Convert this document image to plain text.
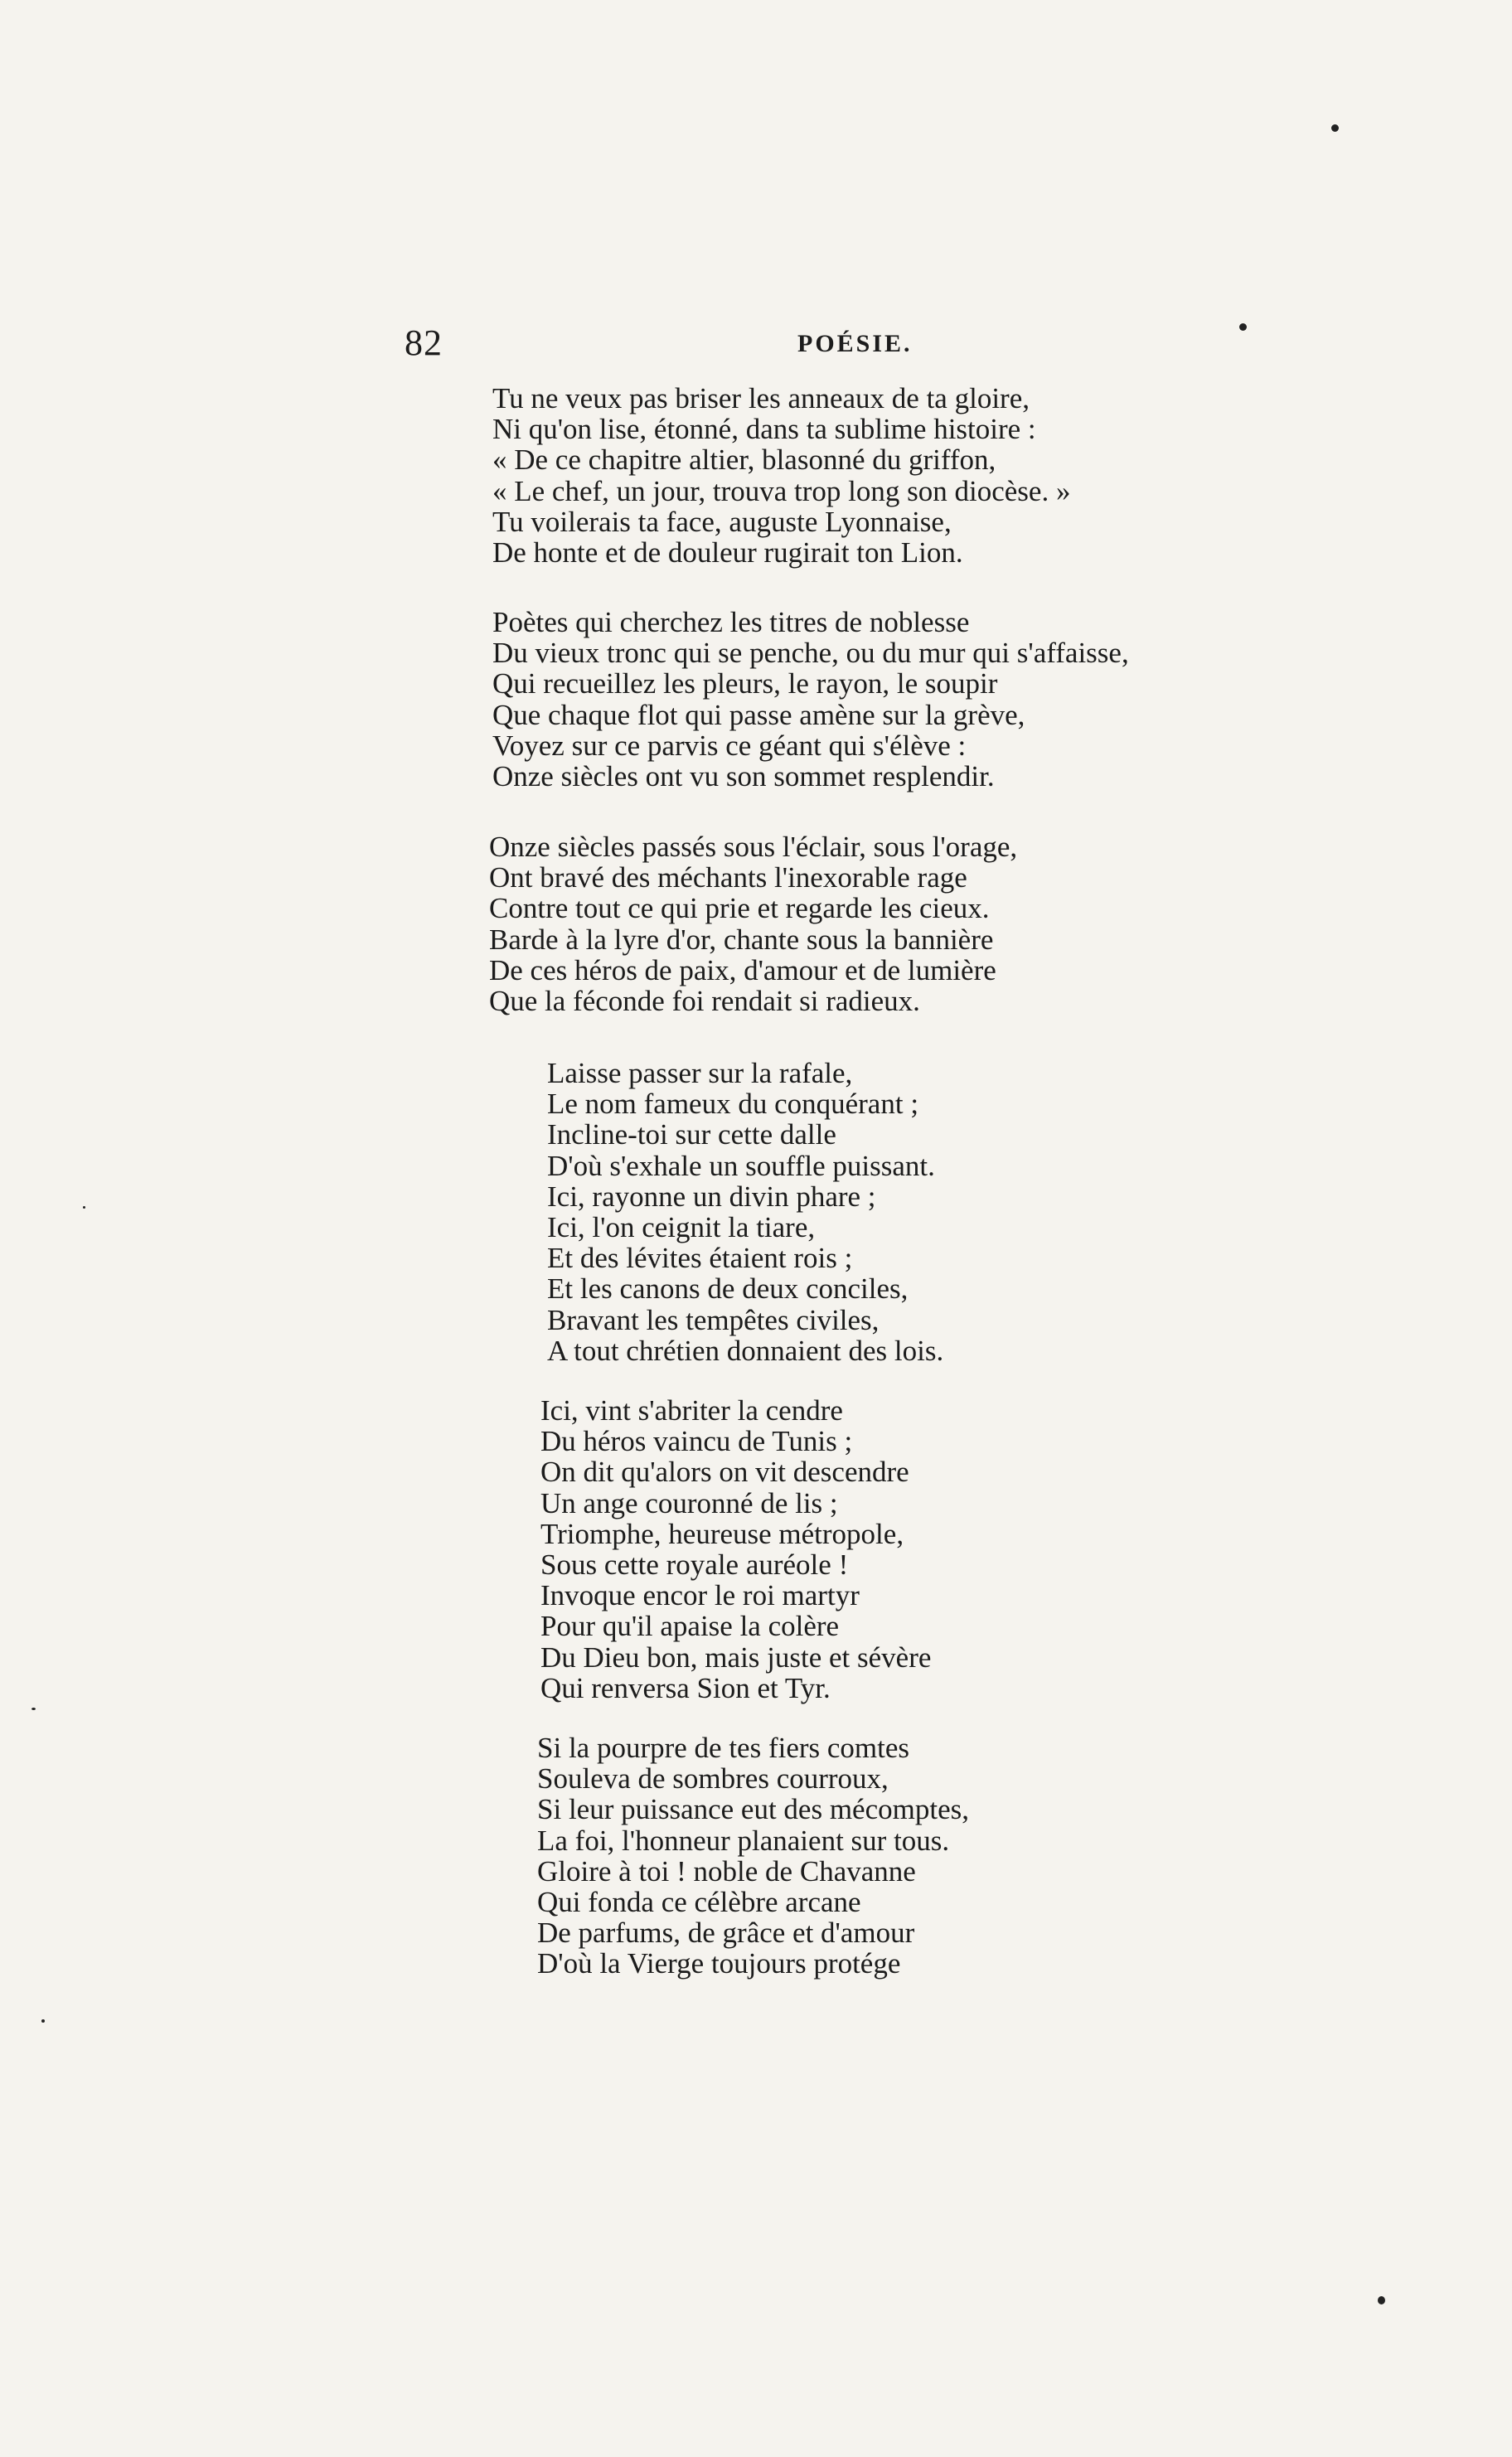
82	POÉSIE.
Tu ne veux pas briser les anneaux de ta gloire,
Ni qu'on lise, étonné, dans ta sublime histoire :
« De ce chapitre altier, blasonné du griffon,
« Le chef, un jour, trouva trop long son diocèse. »
Tu voilerais ta face, auguste Lyonnaise,
De honte et de douleur rugirait ton Lion.
Poètes qui cherchez les titres de noblesse
Du vieux tronc qui se penche, ou du mur qui s'affaisse,
Qui recueillez les pleurs, le rayon, le soupir
Que chaque flot qui passe amène sur la grève,
Voyez sur ce parvis ce géant qui s'élève :
Onze siècles ont vu son sommet resplendir.
Onze siècles passés sous l'éclair, sous l'orage,
Ont bravé des méchants l'inexorable rage
Contre tout ce qui prie et regarde les cieux.
Barde à la lyre d'or, chante sous la bannière
De ces héros de paix, d'amour et de lumière
Que la féconde foi rendait si radieux.
Laisse passer sur la rafale,
Le nom fameux du conquérant ;
Incline-toi sur cette dalle
D'où s'exhale un souffle puissant.
Ici, rayonne un divin phare ;
Ici, l'on ceignit la tiare,
Et des lévites étaient rois ;
Et les canons de deux conciles,
Bravant les tempêtes civiles,
A tout chrétien donnaient des lois.
Ici, vint s'abriter la cendre
Du héros vaincu de Tunis ;
On dit qu'alors on vit descendre
Un ange couronné de lis ;
Triomphe, heureuse métropole,
Sous cette royale auréole !
Invoque encor le roi martyr
Pour qu'il apaise la colère
Du Dieu bon, mais juste et sévère
Qui renversa Sion et Tyr.
Si la pourpre de tes fiers comtes
Souleva de sombres courroux,
Si leur puissance eut des mécomptes,
La foi, l'honneur planaient sur tous.
Gloire à toi ! noble de Chavanne
Qui fonda ce célèbre arcane
De parfums, de grâce et d'amour
D'où la Vierge toujours protége
